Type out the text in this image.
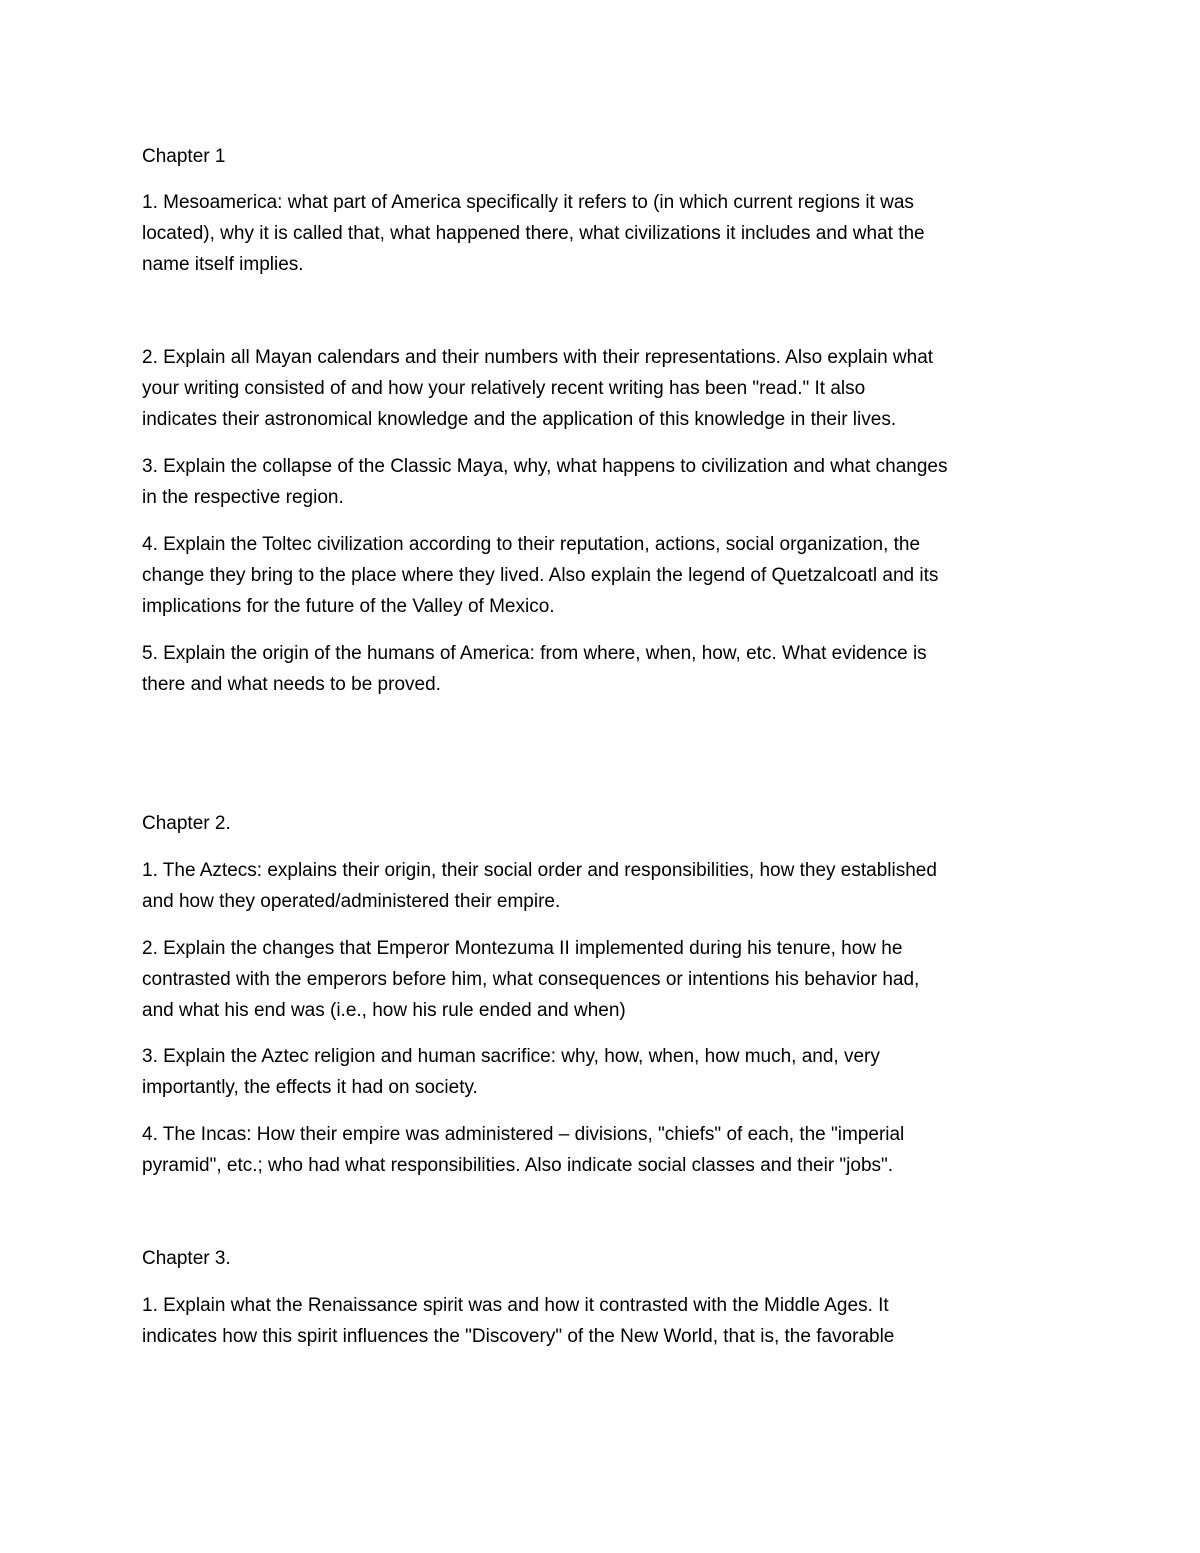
Chapter 1

1. Mesoamerica: what part of America specifically it refers to (in which current regions it was
located), why it is called that, what happened there, what civilizations it includes and what the
name itself implies.

2. Explain all Mayan calendars and their numbers with their representations. Also explain what
your writing consisted of and how your relatively recent writing has been "read." It also
indicates their astronomical knowledge and the application of this knowledge in their lives.

3. Explain the collapse of the Classic Maya, why, what happens to civilization and what changes
in the respective region.

4. Explain the Toltec civilization according to their reputation, actions, social organization, the
change they bring to the place where they lived. Also explain the legend of Quetzalcoatl and its
implications for the future of the Valley of Mexico.

5. Explain the origin of the humans of America: from where, when, how, etc. What evidence is
there and what needs to be proved.

Chapter 2.

1. The Aztecs: explains their origin, their social order and responsibilities, how they established
and how they operated/administered their empire.

2. Explain the changes that Emperor Montezuma II implemented during his tenure, how he
contrasted with the emperors before him, what consequences or intentions his behavior had,
and what his end was (i.e., how his rule ended and when)

3. Explain the Aztec religion and human sacrifice: why, how, when, how much, and, very
importantly, the effects it had on society.

4. The Incas: How their empire was administered – divisions, "chiefs" of each, the "imperial
pyramid", etc.; who had what responsibilities. Also indicate social classes and their "jobs".

Chapter 3.

1. Explain what the Renaissance spirit was and how it contrasted with the Middle Ages. It
indicates how this spirit influences the "Discovery" of the New World, that is, the favorable
